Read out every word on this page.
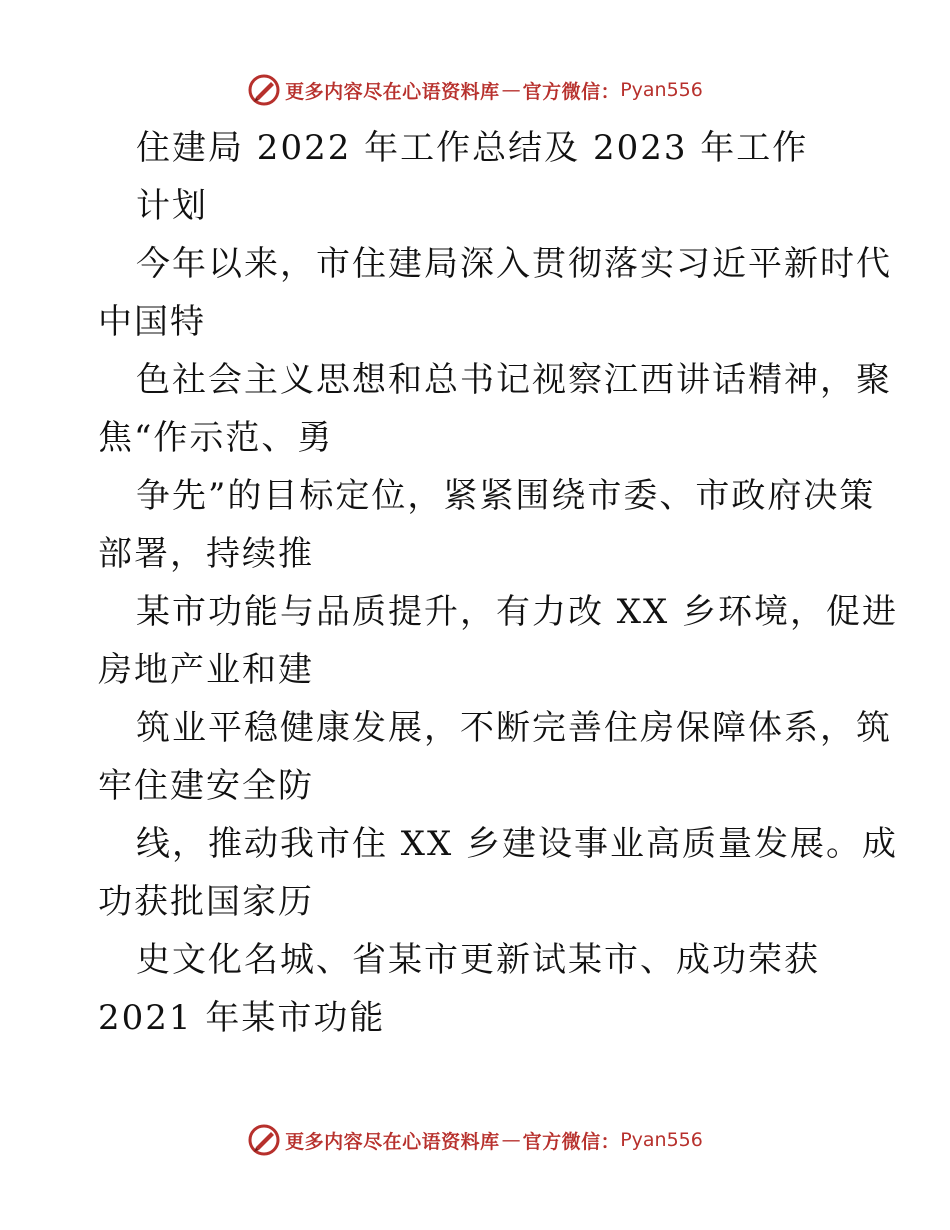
更多内容尽在心语资料库 — 官方微信： Pyan556
住建局 2022 年工作总结及 2023 年工作
计划
今年以来，市住建局深入贯彻落实习近平新时代
中国特
色社会主义思想和总书记视察江西讲话精神，聚
焦“作示范、勇
争先”的目标定位，紧紧围绕市委、市政府决策
部署，持续推
某市功能与品质提升，有力改 XX 乡环境，促进
房地产业和建
筑业平稳健康发展，不断完善住房保障体系，筑
牢住建安全防
线，推动我市住 XX 乡建设事业高质量发展。成
功获批国家历
史文化名城、省某市更新试某市、成功荣获
2021 年某市功能
更多内容尽在心语资料库 — 官方微信： Pyan556
